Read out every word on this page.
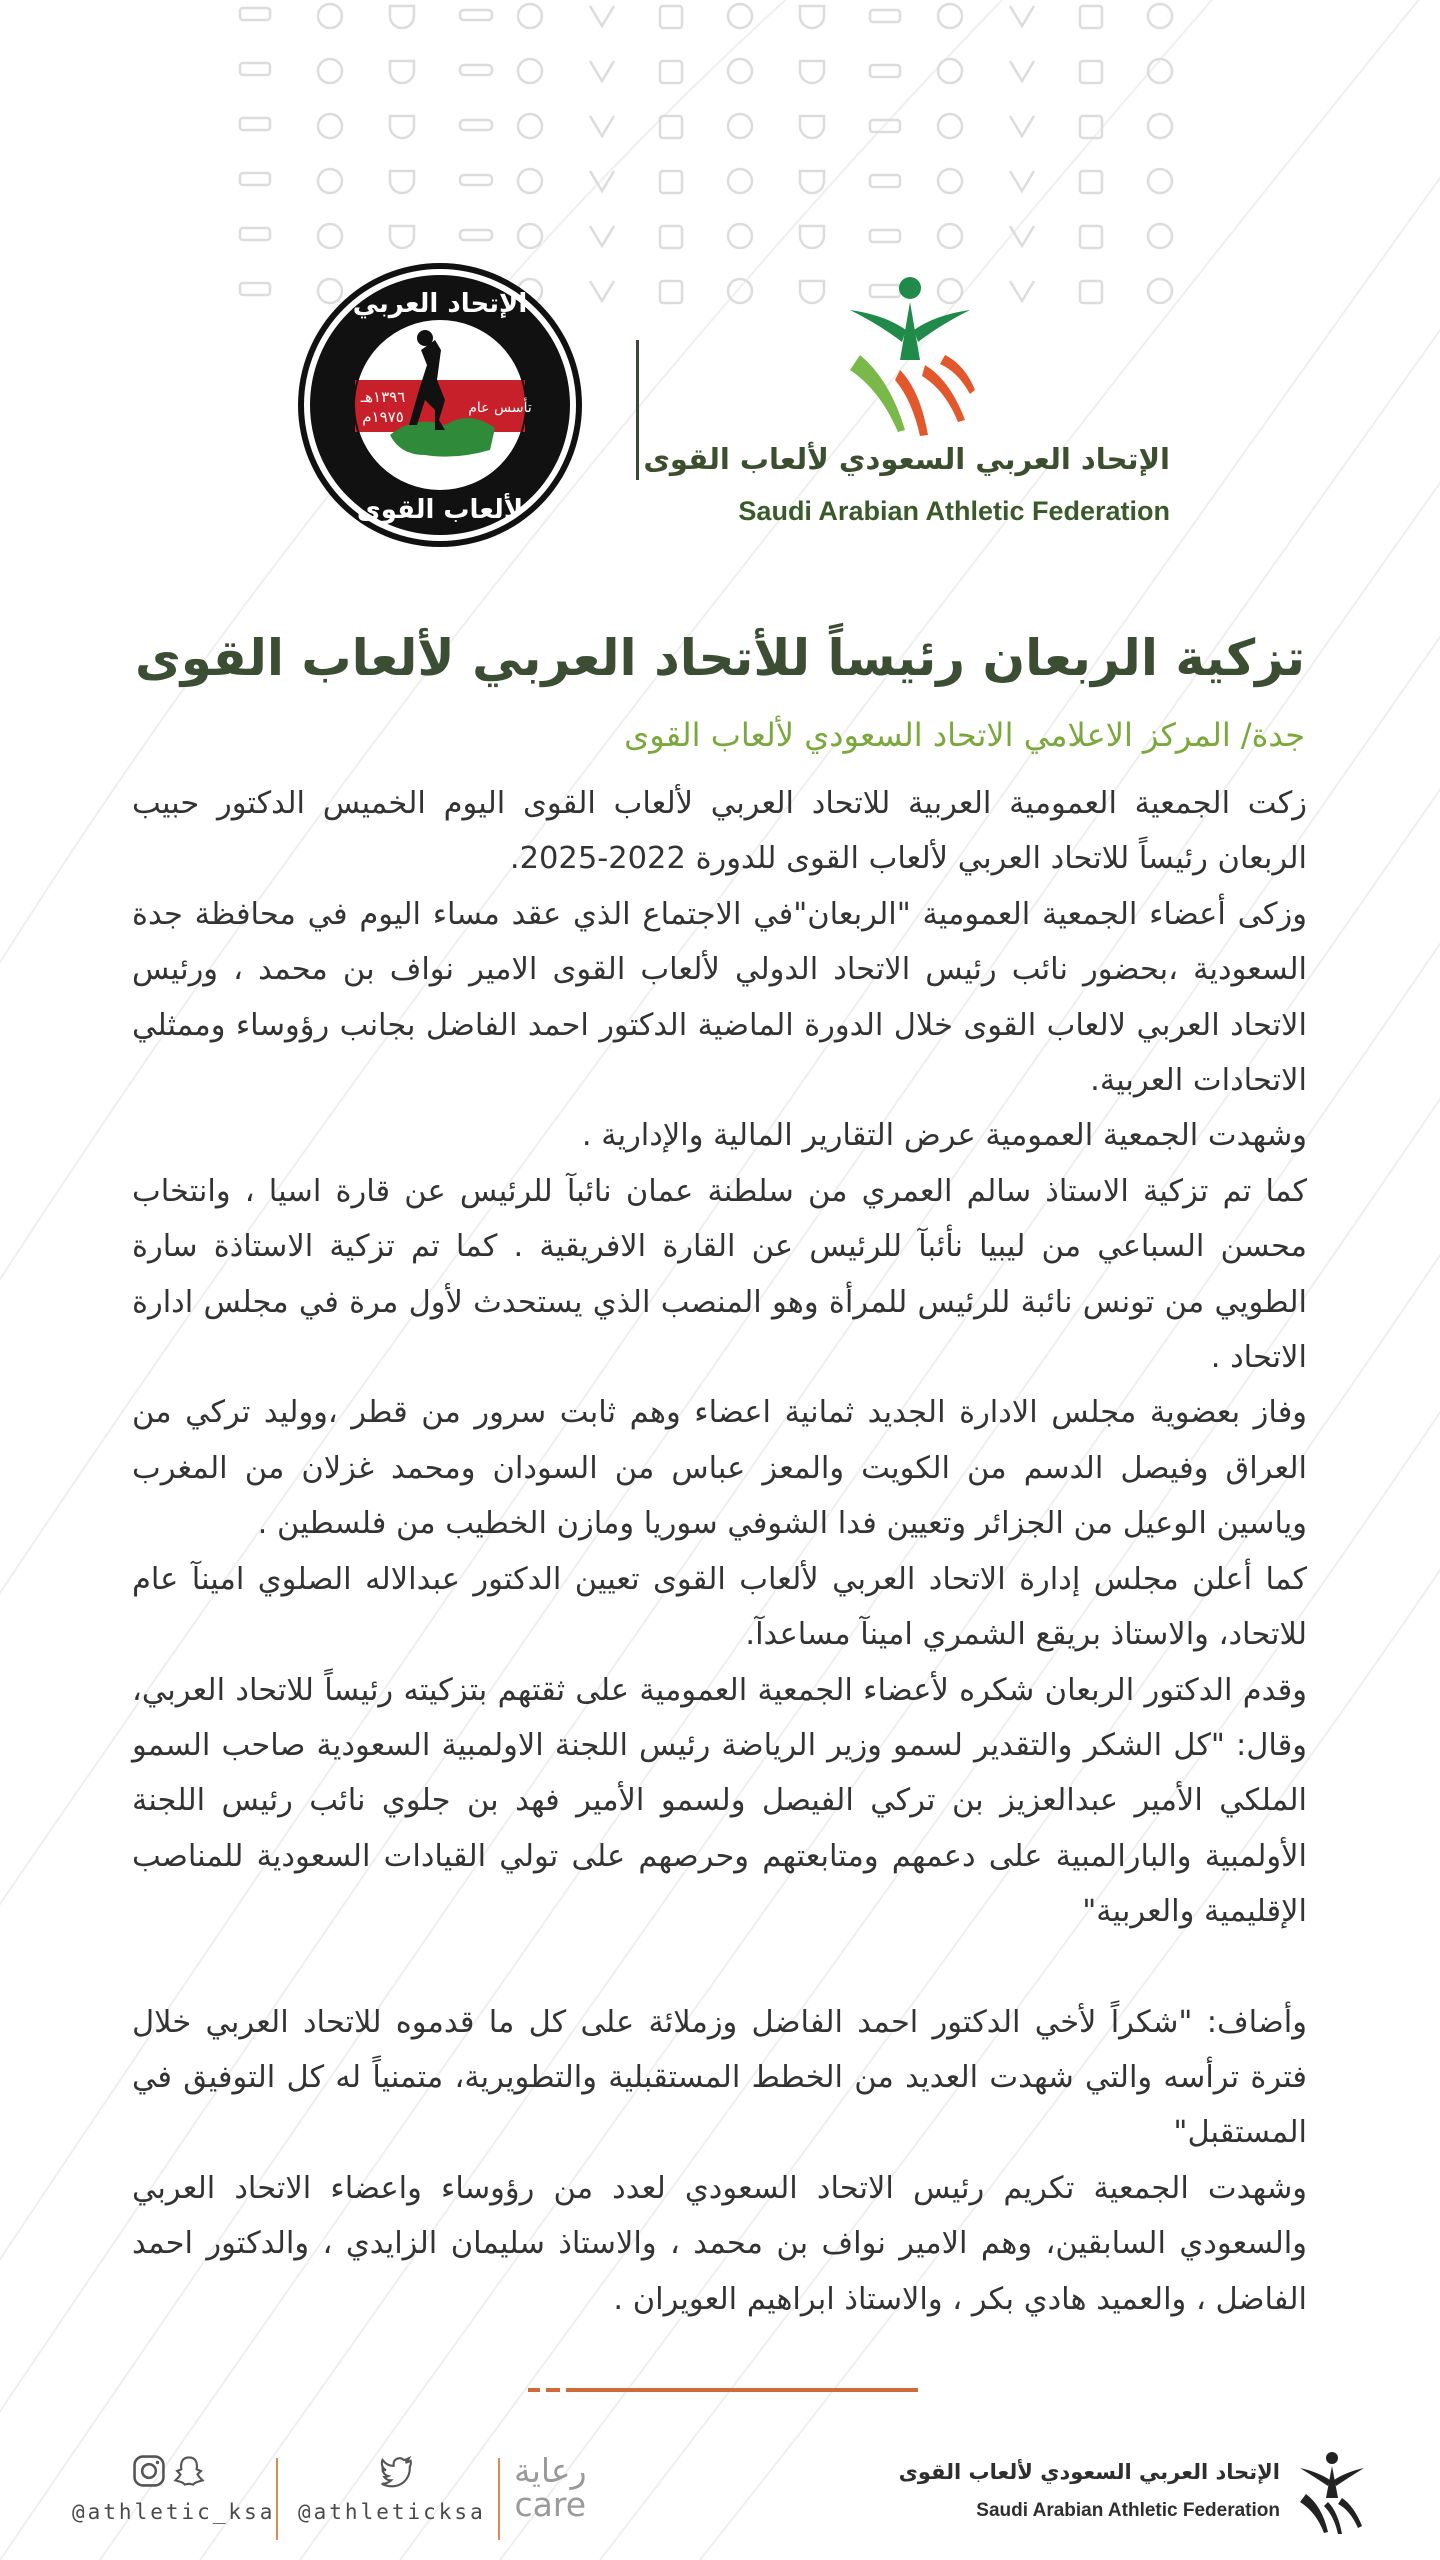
الإتحاد العربي
لألعاب القوى
١٣٩٦هـ
١٩٧٥م	تأسس عام
الإتحاد العربي السعودي لألعاب القوى
Saudi Arabian Athletic Federation
تزكية الربعان رئيساً للأتحاد العربي لألعاب القوى
جدة/ المركز الاعلامي الاتحاد السعودي لألعاب القوى

زكت الجمعية العمومية العربية للاتحاد العربي لألعاب القوى اليوم الخميس الدكتور حبيب الربعان رئيساً للاتحاد العربي لألعاب القوى للدورة 2022-2025.

وزكى أعضاء الجمعية العمومية "الربعان"في الاجتماع الذي عقد مساء اليوم في محافظة جدة السعودية ،بحضور نائب رئيس الاتحاد الدولي لألعاب القوى الامير نواف بن محمد ، ورئيس الاتحاد العربي لالعاب القوى خلال الدورة الماضية الدكتور احمد الفاضل بجانب رؤوساء وممثلي الاتحادات العربية.

وشهدت الجمعية العمومية عرض التقارير المالية والإدارية .

كما تم تزكية الاستاذ سالم العمري من سلطنة عمان نائبآ للرئيس عن قارة اسيا ، وانتخاب محسن السباعي من ليبيا نأئبآ للرئيس عن القارة الافريقية . كما تم تزكية الاستاذة سارة الطويي من تونس نائبة للرئيس للمرأة وهو المنصب الذي يستحدث لأول مرة في مجلس ادارة الاتحاد .

وفاز بعضوية مجلس الادارة الجديد ثمانية اعضاء وهم ثابت سرور من قطر ،ووليد تركي من العراق وفيصل الدسم من الكويت والمعز عباس من السودان ومحمد غزلان من المغرب وياسين الوعيل من الجزائر وتعيين فدا الشوفي سوريا ومازن الخطيب من فلسطين .

كما أعلن مجلس إدارة الاتحاد العربي لألعاب القوى تعيين الدكتور عبدالاله الصلوي امينآ عام للاتحاد، والاستاذ بريقع الشمري امينآ مساعدآ.

وقدم الدكتور الربعان شكره لأعضاء الجمعية العمومية على ثقتهم بتزكيته رئيساً للاتحاد العربي، وقال: "كل الشكر والتقدير لسمو وزير الرياضة رئيس اللجنة الاولمبية السعودية صاحب السمو الملكي الأمير عبدالعزيز بن تركي الفيصل ولسمو الأمير فهد بن جلوي نائب رئيس اللجنة الأولمبية والبارالمبية على دعمهم ومتابعتهم وحرصهم على تولي القيادات السعودية للمناصب الإقليمية والعربية"

وأضاف: "شكراً لأخي الدكتور احمد الفاضل وزملائة على كل ما قدموه للاتحاد العربي خلال فترة ترأسه والتي شهدت العديد من الخطط المستقبلية والتطويرية، متمنياً له كل التوفيق في المستقبل"

وشهدت الجمعية تكريم رئيس الاتحاد السعودي لعدد من رؤوساء واعضاء الاتحاد العربي والسعودي السابقين، وهم الامير نواف بن محمد ، والاستاذ سليمان الزايدي ، والدكتور احمد الفاضل ، والعميد هادي بكر ، والاستاذ ابراهيم العويران .

@athletic_ksa @athleticksa
رعاية
care
الإتحاد العربي السعودي لألعاب القوى
Saudi Arabian Athletic Federation
